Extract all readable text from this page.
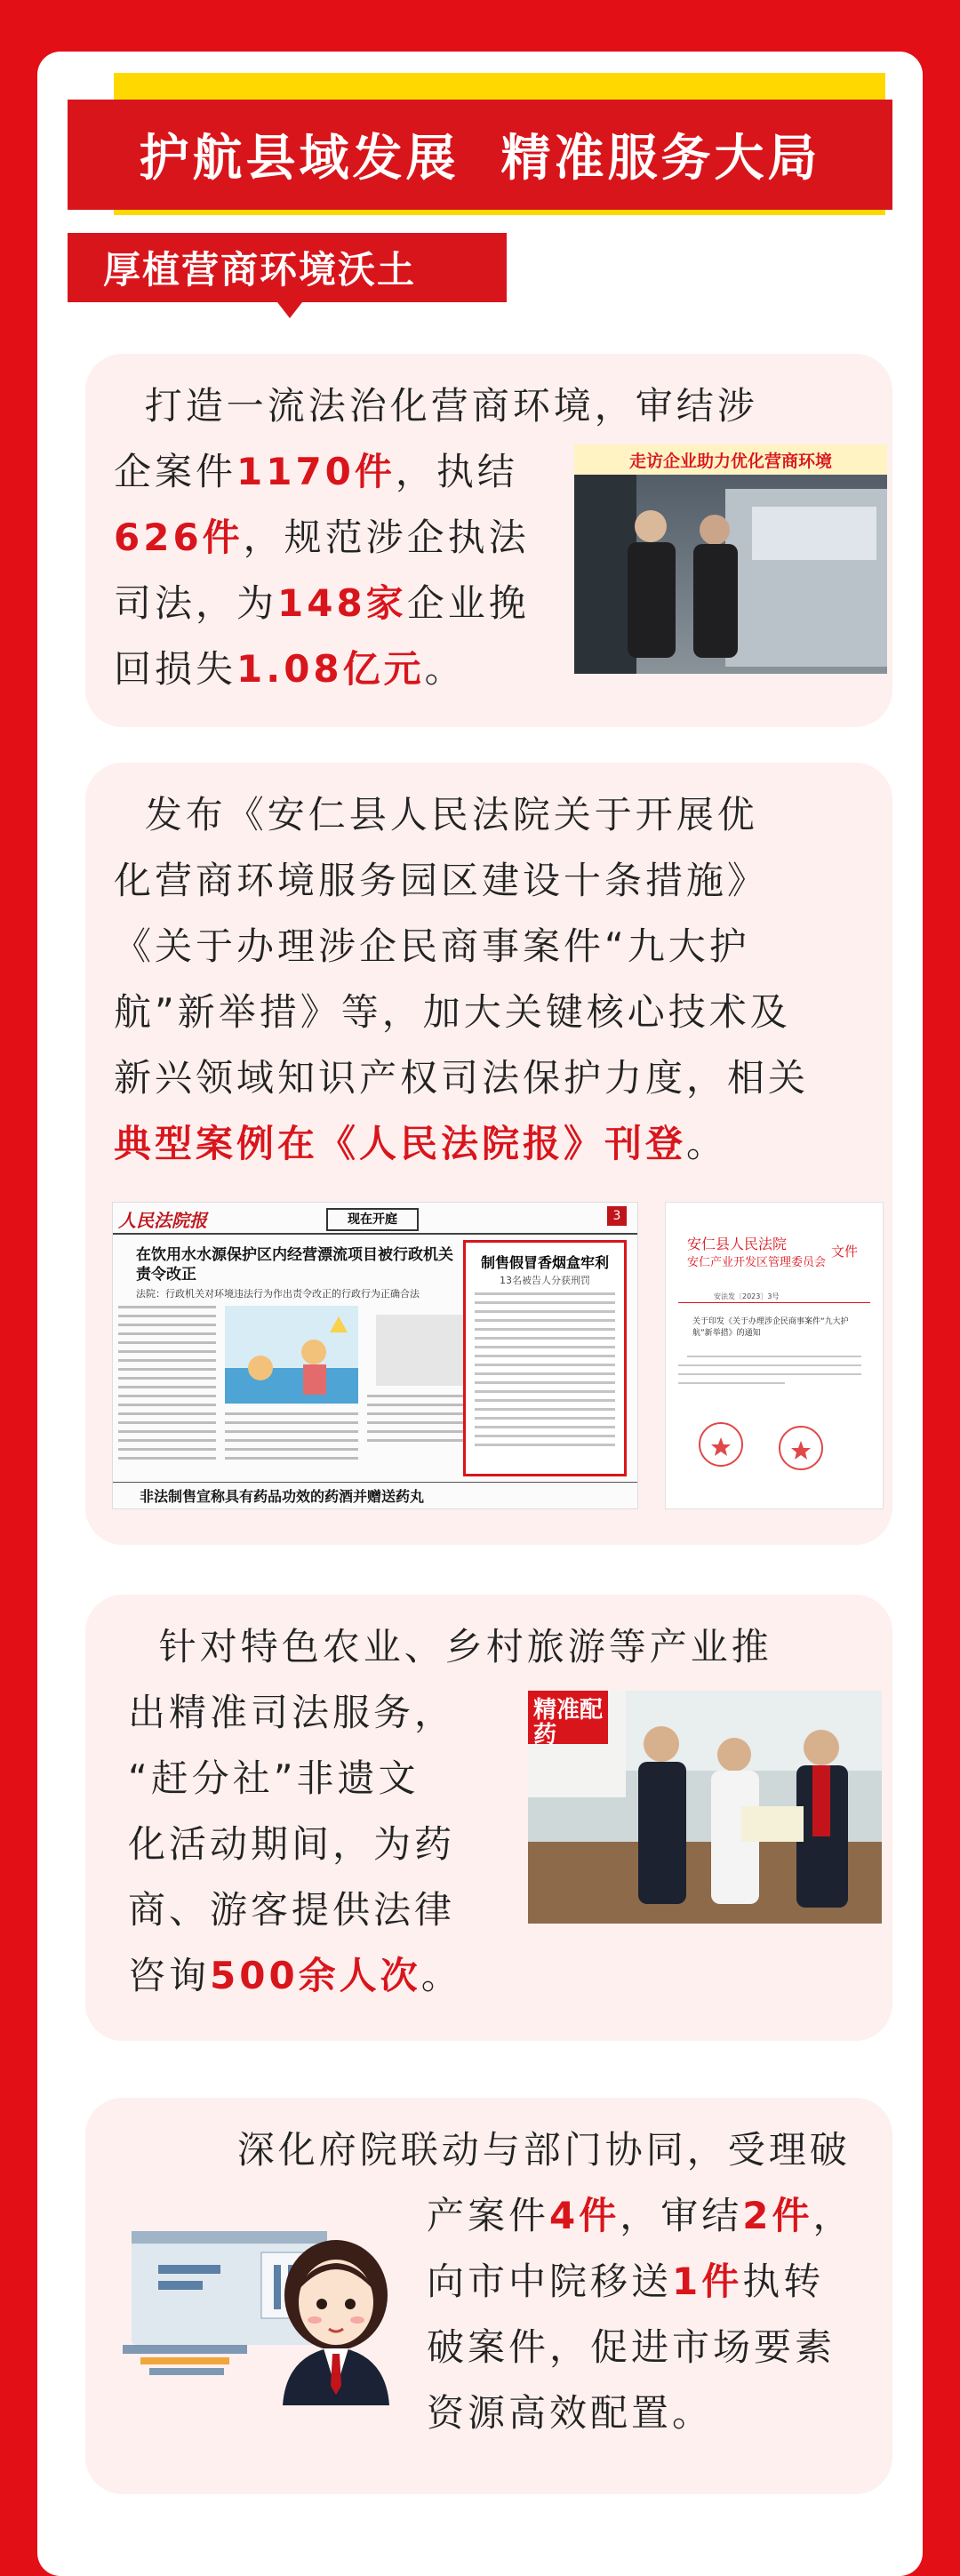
护航县域发展  精准服务大局
厚植营商环境沃土
打造一流法治化营商环境，审结涉
企案件1170件，执结
626件，规范涉企执法
司法，为148家企业挽
回损失1.08亿元。
走访企业助力优化营商环境
发布《安仁县人民法院关于开展优
化营商环境服务园区建设十条措施》
《关于办理涉企民商事案件“九大护
航”新举措》等，加大关键核心技术及
新兴领域知识产权司法保护力度，相关
典型案例在《人民法院报》刊登。
人民法院报	现在开庭	3
在饮用水水源保护区内经营漂流项目被行政机关责令改正
法院：行政机关对环境违法行为作出责令改正的行政行为正确合法
制售假冒香烟盒牢利
13名被告人分获刑罚
非法制售宣称具有药品功效的药酒并赠送药丸
安仁县人民法院
安仁产业开发区管理委员会
文件
安法发〔2023〕3号
关于印发《关于办理涉企民商事案件“九大护航”新举措》的通知
针对特色农业、乡村旅游等产业推
出精准司法服务，
“赶分社”非遗文
化活动期间，为药
商、游客提供法律
咨询500余人次。
精准配药
深化府院联动与部门协同，受理破
产案件4件，审结2件，
向市中院移送1件执转
破案件，促进市场要素
资源高效配置。
